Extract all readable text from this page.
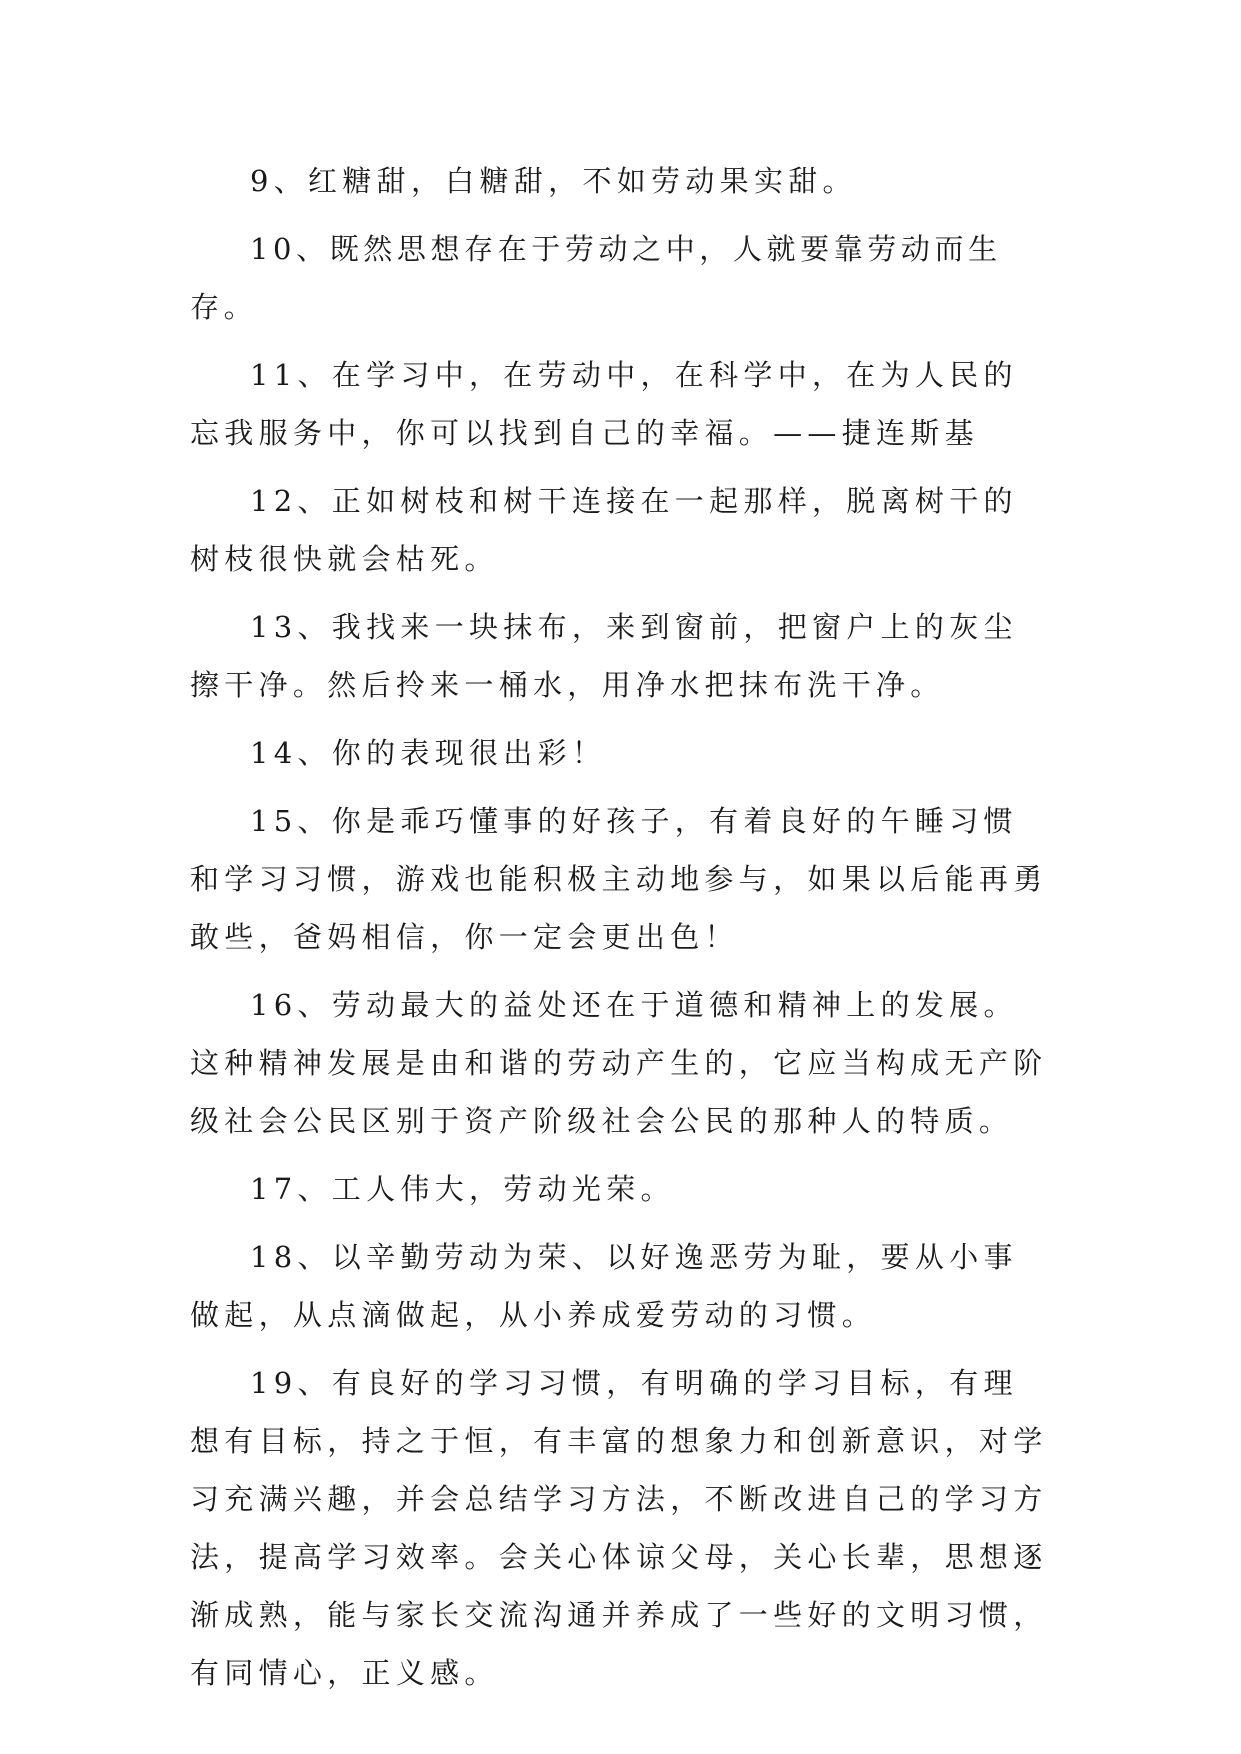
9、红糖甜，白糖甜，不如劳动果实甜。

10、既然思想存在于劳动之中，人就要靠劳动而生存。

11、在学习中，在劳动中，在科学中，在为人民的忘我服务中，你可以找到自己的幸福。——捷连斯基

12、正如树枝和树干连接在一起那样，脱离树干的树枝很快就会枯死。

13、我找来一块抹布，来到窗前，把窗户上的灰尘擦干净。然后拎来一桶水，用净水把抹布洗干净。

14、你的表现很出彩！

15、你是乖巧懂事的好孩子，有着良好的午睡习惯和学习习惯，游戏也能积极主动地参与，如果以后能再勇敢些，爸妈相信，你一定会更出色！

16、劳动最大的益处还在于道德和精神上的发展。这种精神发展是由和谐的劳动产生的，它应当构成无产阶级社会公民区别于资产阶级社会公民的那种人的特质。

17、工人伟大，劳动光荣。

18、以辛勤劳动为荣、以好逸恶劳为耻，要从小事做起，从点滴做起，从小养成爱劳动的习惯。

19、有良好的学习习惯，有明确的学习目标，有理想有目标，持之于恒，有丰富的想象力和创新意识，对学习充满兴趣，并会总结学习方法，不断改进自己的学习方法，提高学习效率。会关心体谅父母，关心长辈，思想逐渐成熟，能与家长交流沟通并养成了一些好的文明习惯，有同情心，正义感。
